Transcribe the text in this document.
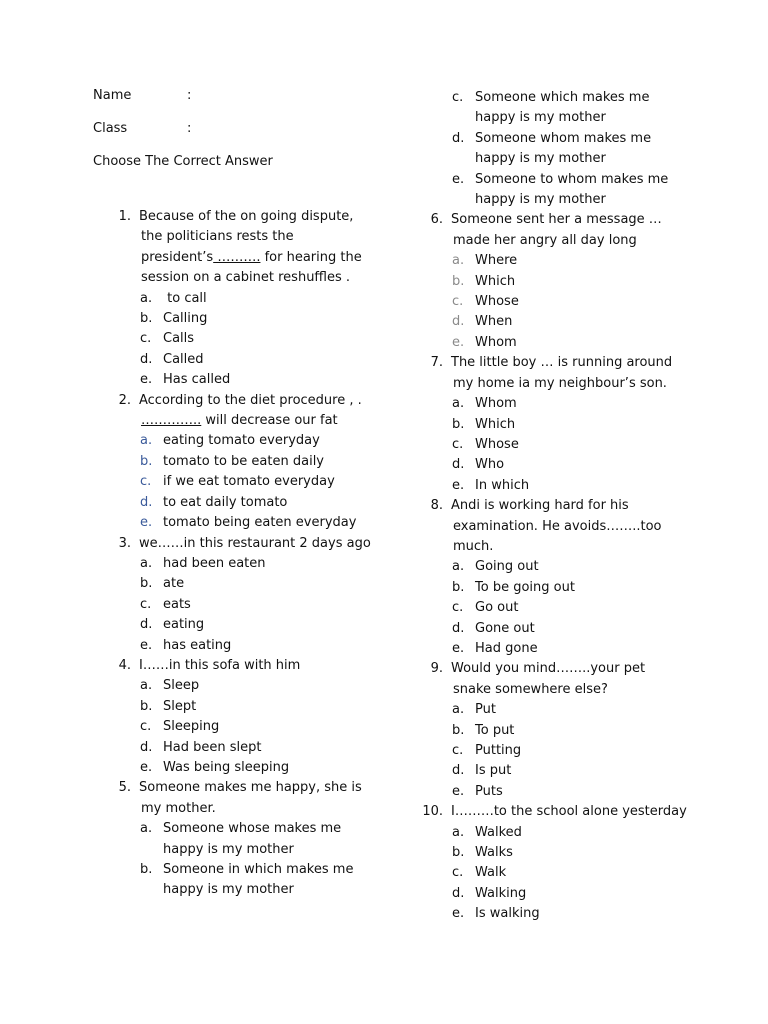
Name	:
Class	:
Choose The Correct Answer
1. Because of the on going dispute,
the politicians rests the
president’s ………. for hearing the
session on a cabinet reshuffles .
a. to call
b. Calling
c. Calls
d. Called
e. Has called
2. According to the diet procedure , .
………….. will decrease our fat
a. eating tomato everyday
b. tomato to be eaten daily
c. if we eat tomato everyday
d. to eat daily tomato
e. tomato being eaten everyday
3. we……in this restaurant 2 days ago
a. had been eaten
b. ate
c. eats
d. eating
e. has eating
4. I……in this sofa with him
a. Sleep
b. Slept
c. Sleeping
d. Had been slept
e. Was being sleeping
5. Someone makes me happy, she is
my mother.
a. Someone whose makes me
happy is my mother
b. Someone in which makes me
happy is my mother
c. Someone which makes me
happy is my mother
d. Someone whom makes me
happy is my mother
e. Someone to whom makes me
happy is my mother
6. Someone sent her a message …
made her angry all day long
a. Where
b. Which
c. Whose
d. When
e. Whom
7. The little boy … is running around
my home ia my neighbour’s son.
a. Whom
b. Which
c. Whose
d. Who
e. In which
8. Andi is working hard for his
examination. He avoids……..too
much.
a. Going out
b. To be going out
c. Go out
d. Gone out
e. Had gone
9. Would you mind……..your pet
snake somewhere else?
a. Put
b. To put
c. Putting
d. Is put
e. Puts
10. I………to the school alone yesterday
a. Walked
b. Walks
c. Walk
d. Walking
e. Is walking
